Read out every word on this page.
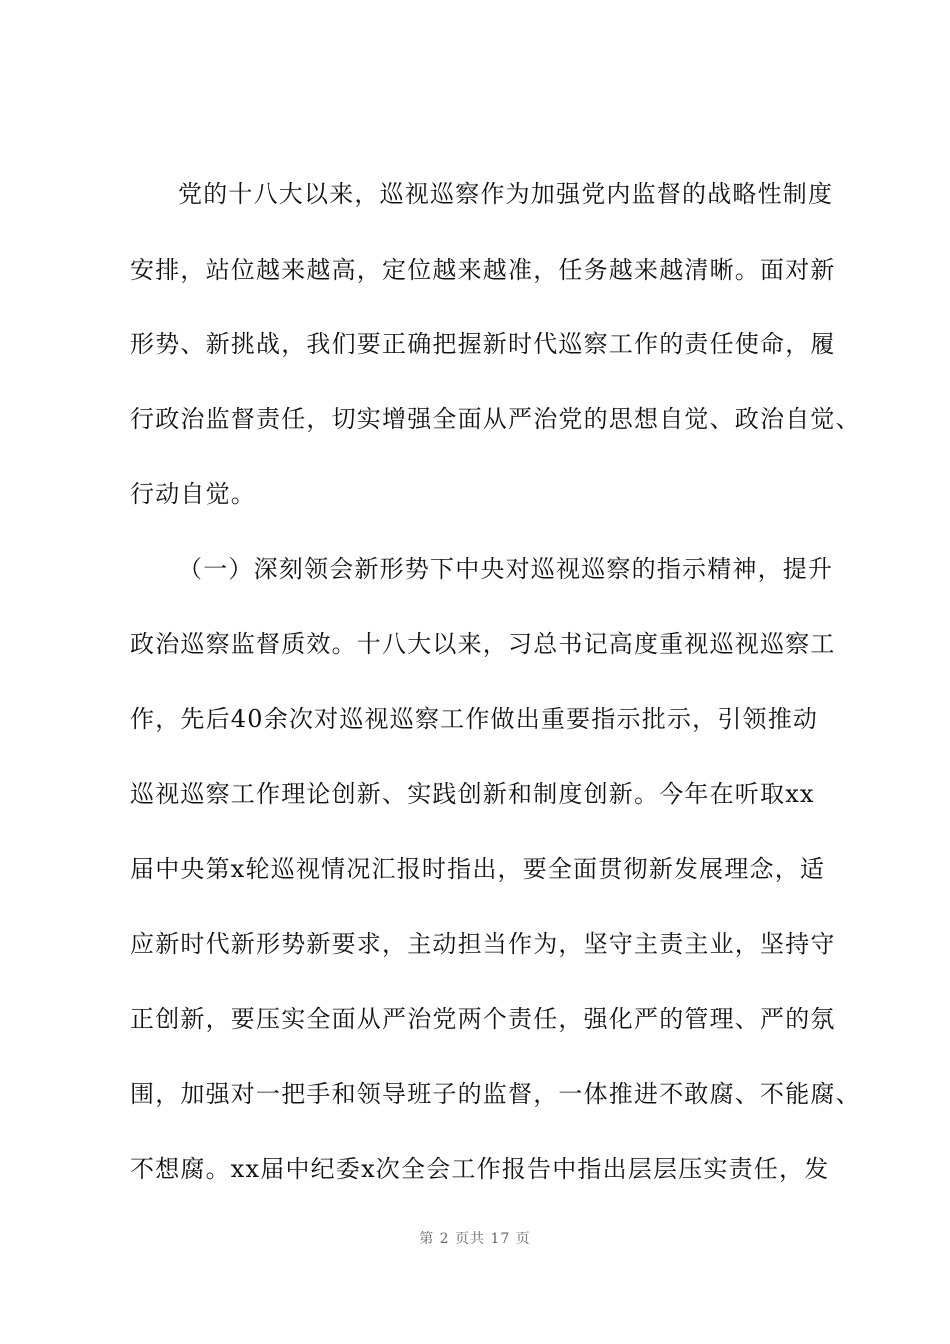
党的十八大以来，巡视巡察作为加强党内监督的战略性制度
安排，站位越来越高，定位越来越准，任务越来越清晰。面对新
形势、新挑战，我们要正确把握新时代巡察工作的责任使命，履
行政治监督责任，切实增强全面从严治党的思想自觉、政治自觉、
行动自觉。
（一）深刻领会新形势下中央对巡视巡察的指示精神，提升
政治巡察监督质效。十八大以来，习总书记高度重视巡视巡察工
作，先后40余次对巡视巡察工作做出重要指示批示，引领推动
巡视巡察工作理论创新、实践创新和制度创新。今年在听取xx
届中央第x轮巡视情况汇报时指出，要全面贯彻新发展理念，适
应新时代新形势新要求，主动担当作为，坚守主责主业，坚持守
正创新，要压实全面从严治党两个责任，强化严的管理、严的氛
围，加强对一把手和领导班子的监督，一体推进不敢腐、不能腐、
不想腐。xx届中纪委x次全会工作报告中指出层层压实责任，发
第 2 页共 17 页
